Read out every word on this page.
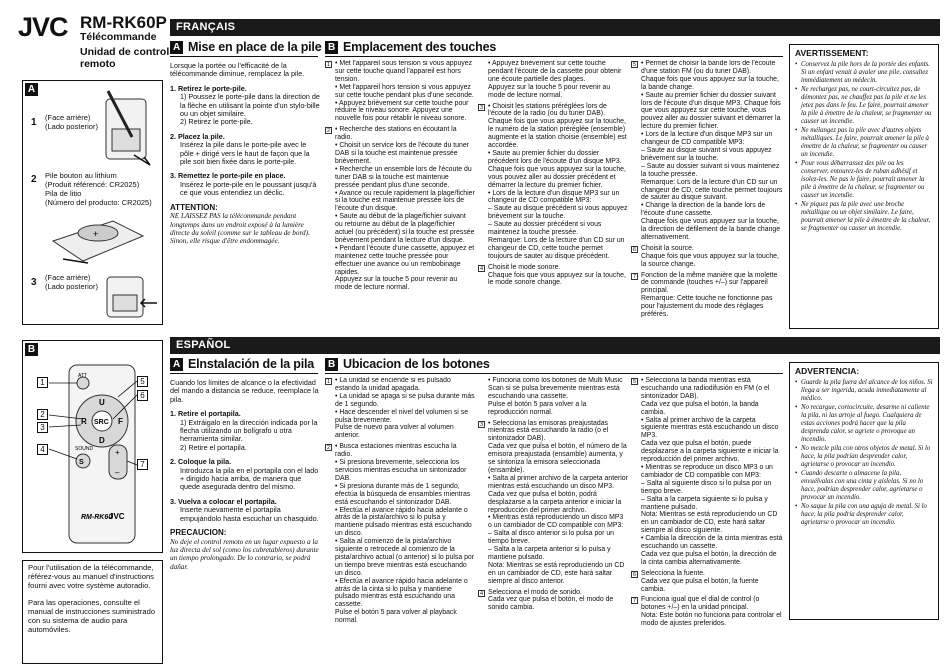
JVC RM-RK60P
Télécommande
Unidad de control remoto
A
1 (Face arrière)
(Lado posterior)
2 Pile bouton au lithium
(Produit référencé: CR2025)
Pila de litio
(Número del producto: CR2025)
+
3 (Face arrière)
(Lado posterior)
B
SRC
U
D
R	F
ATT
S
SOUND	+
–
RM-RK60
JVC
1
2
3
4
5
6
7
Pour l'utilisation de la télécommande, référez-vous au manuel d'instructions fourni avec votre système autoradio.

Para las operaciones, consulte el manual de instrucciones suministrado con su sistema de audio para automóviles.
FRANÇAIS
A Mise en place de la pile

Lorsque la portée ou l'efficacité de la télécommande diminue, remplacez la pile.

1. Retirez le porte-pile.
1) Poussez le porte-pile dans la direction de la flèche en utilisant la pointe d'un stylo-bille ou un objet similaire.

2) Retirez le porte-pile.

2. Placez la pile.

Insérez la pile dans le porte-pile avec le pôle + dirigé vers le haut de façon que la pile soit bien fixée dans le porte-pile.

3. Remettez le porte-pile en place.

Insérez le porte-pile en le poussant jusqu'à ce que vous entendiez un déclic.

ATTENTION:
NE LAISSEZ PAS la télécommande pendant longtemps dans un endroit exposé à la lumière directe du soleil (comme sur le tableau de bord). Sinon, elle risque d'être endommagée.
B Emplacement des touches
1 • Met l'appareil sous tension si vous appuyez sur cette touche quand l'appareil est hors tension.
• Met l'appareil hors tension si vous appuyez sur cette touche pendant plus d'une seconde.
• Appuyez brièvement sur cette touche pour réduire le niveau sonore. Appuyez une nouvelle fois pour rétablir le niveau sonore.
2 • Recherche des stations en écoutant la radio.
• Choisit un service lors de l'écoute du tuner DAB si la touche est maintenue pressée brièvement.
• Recherche un ensemble lors de l'écoute du tuner DAB si la touche est maintenue pressée pendant plus d'une seconde.
• Avance ou recule rapidement la plage/fichier si la touche est maintenue pressée lors de l'écoute d'un disque.
• Saute au début de la plage/fichier suivant ou retourne au début de la plage/fichier actuel (ou précédent) si la touche est pressée brièvement pendant la lecture d'un disque.
• Pendant l'écoute d'une cassette, appuyez et maintenez cette touche pressée pour effectuer une avance ou un rembobinage rapides.
Appuyez sur la touche 5 pour revenir au mode de lecture normal.
• Appuyez brièvement sur cette touche pendant l'écoute de la cassette pour obtenir une écoute partielle des plages.
Appuyez sur la touche 5 pour revenir au mode de lecture normal.
3 • Choisit les stations préréglées lors de l'écoute de la radio (ou du tuner DAB). Chaque fois que vous appuyez sur la touche, le numéro de la station préréglée (ensemble) augmente et la station choisie (ensemble) est accordée.
• Saute au premier fichier du dossier précédent lors de l'écoute d'un disque MP3. Chaque fois que vous appuyez sur la touche, vous pouvez aller au dossier précédent et démarrer la lecture du premier fichier.
• Lors de la lecture d'un disque MP3 sur un changeur de CD compatible MP3:
– Saute au disque précédent si vous appuyez brièvement sur la touche.
– Saute au dossier précédent si vous maintenez la touche pressée.
Remarque: Lors de la lecture d'un CD sur un changeur de CD, cette touche permet toujours de sauter au disque précédent.
4 Choisit le mode sonore.
Chaque fois que vous appuyez sur la touche, le mode sonore change.
5 • Permet de choisir la bande lors de l'écoute d'une station FM (ou du tuner DAB).
Chaque fois que vous appuyez sur la touche, la bande change.
• Saute au premier fichier du dossier suivant lors de l'écoute d'un disque MP3. Chaque fois que vous appuyez sur cette touche, vous pouvez aller au dossier suivant et démarrer la lecture du premier fichier.
• Lors de la lecture d'un disque MP3 sur un changeur de CD compatible MP3:
– Saute au disque suivant si vous appuyez brièvement sur la touche.
– Saute au dossier suivant si vous maintenez la touche pressée.
Remarque: Lors de la lecture d'un CD sur un changeur de CD, cette touche permet toujours de sauter au disque suivant.
• Change la direction de la bande lors de l'écoute d'une cassette.
Chaque fois que vous appuyez sur la touche, la direction de défilement de la bande change alternativement.
6 Choisit la source.
Chaque fois que vous appuyez sur la touche, la source change.
7 Fonction de la même manière que la molette de commande (touches +/–) sur l'appareil principal.
Remarque: Cette touche ne fonctionne pas pour l'ajustement du mode des réglages préférés.
AVERTISSEMENT:
• Conservez la pile hors de la portée des enfants. Si un enfant venait à avaler une pile, consultez immédiatement un médecin.
• Ne rechargez pas, ne court-circuitez pas, de démontez pas, ne chauffez pas la pile et ne les jetez pas dans le feu. Le faire, pourrait amener la pile à émettre de la chaleur, se fragmenter ou causer un incendie.
• Ne mélangez pas la pile avec d'autres objets métalliques. Le faire, pourrait amener la pile à émettre de la chaleur, se fragmenter ou causer un incendie.
• Pour vous débarrassez des pile ou les conserver, entourez-les de ruban adhésif et isolez-les. Ne pas le faire, pourrait amener la pile à émettre de la chaleur, se fragmenter ou causer un incendie.
• Ne piquez pas la pile avec une broche métallique ou un objet similaire. Le faire, pourrait amener la pile à émettre de la chaleur, se fragmenter ou causer un incendie.
ESPAÑOL
A Elnstalación de la pila

Cuando los límites de alcance o la efectividad del mando a distancia se reduce, reemplace la pila.

1. Retire el portapila.
1) Extráigalo en la dirección indicada por la flecha utilizando un bolígrafo u otra herramienta similar.

2) Retire el portapila.

2. Coloque la pila.

Introduzca la pila en el portapila con el lado + dirigido hacia arriba, de manera que quede asegurada dentro del mismo.

3. Vuelva a colocar el portapila.

Inserte nuevamente el portapila empujándolo hasta escuchar un chasquido.

PRECAUCION:
No deje el control remoto en un lugar expuesto a la luz directa del sol (como los cubretableros) durante un tiempo prolongado. De lo contrario, se podrá dañar.
B Ubicacion de los botones
1 • La unidad se enciende si es pulsado estando la unidad apagada.
• La unidad se apaga si se pulsa durante más de 1 segundo.
• Hace descender el nivel del volumen si se pulsa brevemente.
Pulse de nuevo para volver al volumen anterior.
2 • Busca estaciones mientras escucha la radio.
• Si presiona brevemente, selecciona los servicios mientras escucha un sintonizador DAB.
• Si presiona durante más de 1 segundo, efectúa la búsqueda de ensambles mientras está escuchando el sintonizador DAB.
• Efectúa el avance rápido hacia adelante o atrás de la pista/archivo si lo pulsa y mantiene pulsado mientras está escuchando un disco.
• Salta al comienzo de la pista/archivo siguiente o retrocede al comienzo de la pista/archivo actual (o anterior) si lo pulsa por un tiempo breve mientras está escuchando un disco.
• Efectúa el avance rápido hacia adelante o atrás de la cinta si lo pulsa y mantiene pulsado mientras está escuchando una cassette.
Pulse el botón 5 para volver al playback normal.
• Funciona como los botones de Multi Music Scan si se pulsa brevemente mientras está escuchando una cassette.
Pulse el botón 5 para volver a la reproducción normal.
3 • Selecciona las emisoras preajustadas mientras está escuchando la radio (o el sintonizador DAB).
Cada vez que pulsa el botón, el número de la emisora preajustada (ensamble) aumenta, y se sintoniza la emisora seleccionada (ensamble).
• Salta al primer archivo de la carpeta anterior mientras está escuchando un disco MP3.
Cada vez que pulsa el botón, podrá desplazarse a la carpeta anterior e iniciar la reproducción del primer archivo.
• Mientras está reproduciendo un disco MP3 o un cambiador de CD compatible con MP3:
– Salta al disco anterior si lo pulsa por un tiempo breve.
– Salta a la carpeta anterior si lo pulsa y mantiene pulsado.
Nota: Mientras se está reproduciendo un CD en un cambiador de CD, este hará saltar siempre al disco anterior.
4 Selecciona el modo de sonido.
Cada vez que pulsa el botón, el modo de sonido cambia.
5 • Selecciona la banda mientras está escuchando una radiodifusión en FM (o el sintonizador DAB).
Cada vez que pulsa el botón, la banda cambia.
• Salta al primer archivo de la carpeta siguiente mientras está escuchando un disco MP3.
Cada vez que pulsa el botón, puede desplazarse a la carpeta siguiente e iniciar la reproducción del primer archivo.
• Mientras se reproduce un disco MP3 o un cambiador de CD compatible con MP3:
– Salta al siguiente disco si lo pulsa por un tiempo breve.
– Salta a la carpeta siguiente si lo pulsa y mantiene pulsado.
Nota: Mientras se está reproduciendo un CD en un cambiador de CD, este hará saltar siempre al disco siguiente.
• Cambia la dirección de la cinta mientras está escuchando un cassette.
Cada vez que pulsa el botón, la dirección de la cinta cambia alternativamente.
6 Selecciona la fuente.
Cada vez que pulsa el botón, la fuente cambia.
7 Funciona igual que el dial de control (o botones +/–) en la unidad principal.
Nota: Este botón no funciona para controlar el modo de ajustes preferidos.
ADVERTENCIA:
• Guarde la pila fuera del alcance de los niños. Si llega a ser ingerida, acuda inmediatamente al médico.
• No recargue, cortocircuite, desarme ni caliente la pila, ni las arroje al fuego. Cualquiera de estas acciones podrá hacer que la pila desprenda calor, se agriete o provoque un incendio.
• No mezcle pila con otros objetos de metal. Si lo hace, la pila podrían desprender calor, agrietarse o provocar un incendio.
• Cuando descarte o almacene la pila, envuélvalas con una cinta y aíslelas. Si no lo hace, podrían desprender calor, agrietarse o provocar un incendio.
• No saque la pila con una aguja de metal. Si lo hace, la pila podría desprender calor, agrietarse o provocar un incendio.
